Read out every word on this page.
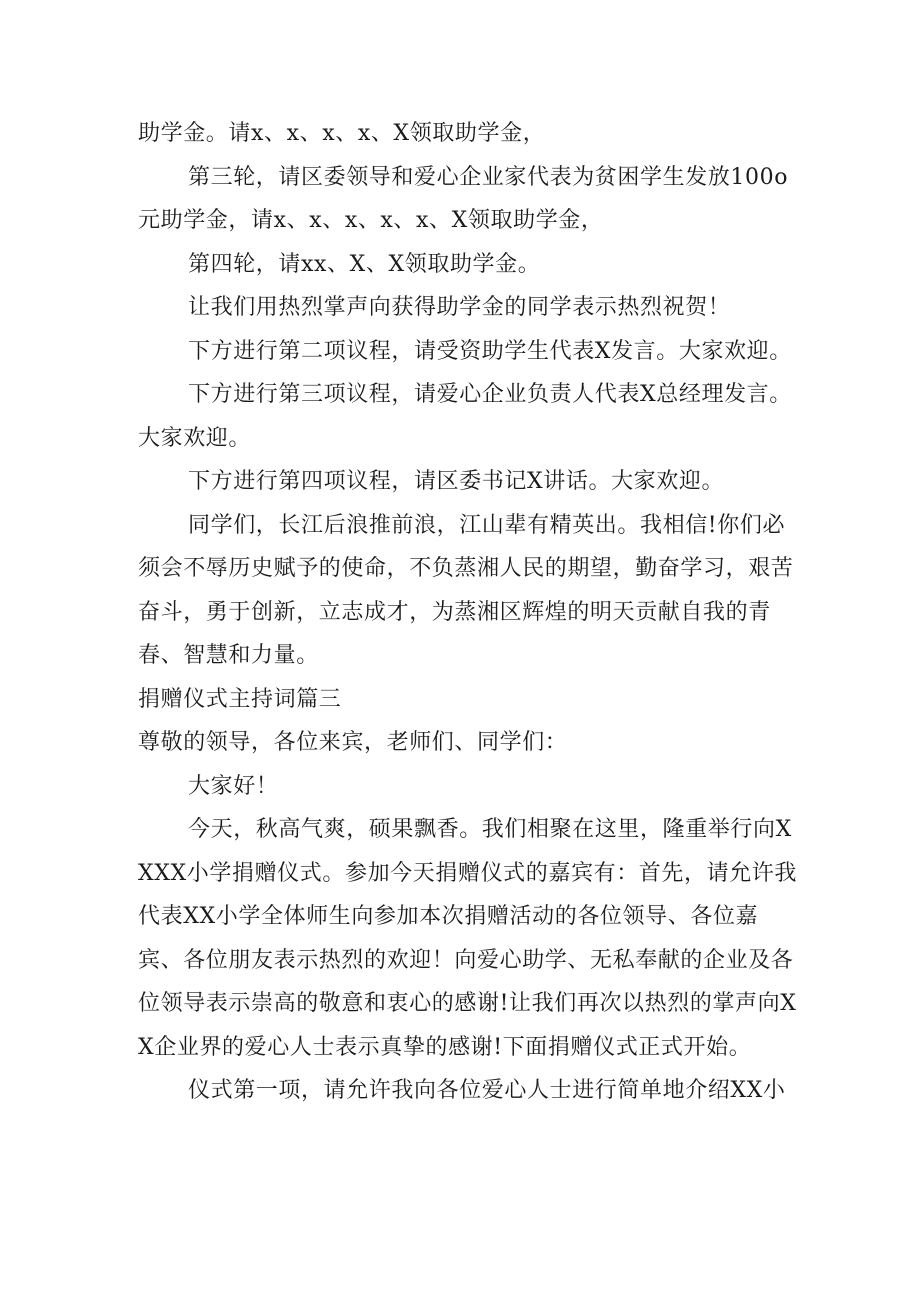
助学金。请x、x、x、x、X领取助学金，

第三轮，请区委领导和爱心企业家代表为贫困学生发放100o元助学金，请x、x、x、x、x、X领取助学金，

第四轮，请xx、X、X领取助学金。

让我们用热烈掌声向获得助学金的同学表示热烈祝贺！

下方进行第二项议程，请受资助学生代表X发言。大家欢迎。

下方进行第三项议程，请爱心企业负责人代表X总经理发言。大家欢迎。

下方进行第四项议程，请区委书记X讲话。大家欢迎。

同学们，长江后浪推前浪，江山辈有精英出。我相信!你们必须会不辱历史赋予的使命，不负蒸湘人民的期望，勤奋学习，艰苦奋斗，勇于创新，立志成才，为蒸湘区辉煌的明天贡献自我的青春、智慧和力量。

捐赠仪式主持词篇三

尊敬的领导，各位来宾，老师们、同学们：

大家好！

今天，秋高气爽，硕果飘香。我们相聚在这里，隆重举行向XXXX小学捐赠仪式。参加今天捐赠仪式的嘉宾有：首先，请允许我代表XX小学全体师生向参加本次捐赠活动的各位领导、各位嘉宾、各位朋友表示热烈的欢迎！向爱心助学、无私奉献的企业及各位领导表示崇高的敬意和衷心的感谢!让我们再次以热烈的掌声向XX企业界的爱心人士表示真挚的感谢!下面捐赠仪式正式开始。

仪式第一项，请允许我向各位爱心人士进行简单地介绍XX小
